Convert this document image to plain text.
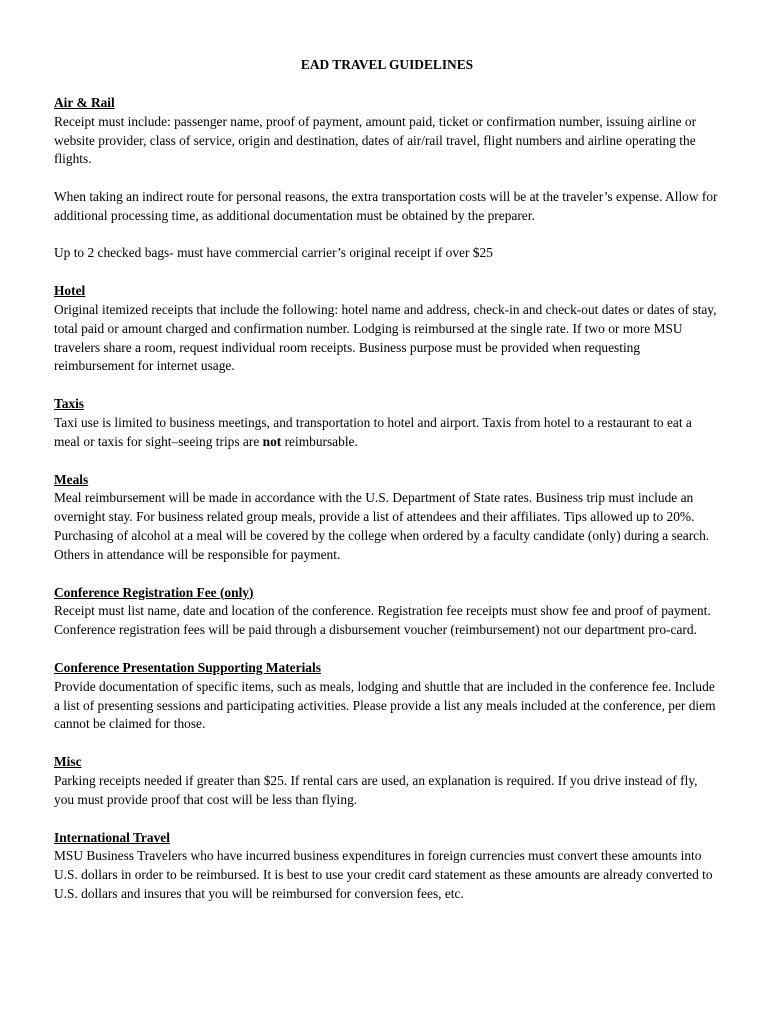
EAD TRAVEL GUIDELINES
Air & Rail

Receipt must include: passenger name, proof of payment, amount paid, ticket or confirmation number, issuing airline or website provider, class of service, origin and destination, dates of air/rail travel, flight numbers and airline operating the flights.

When taking an indirect route for personal reasons, the extra transportation costs will be at the traveler’s expense. Allow for additional processing time, as additional documentation must be obtained by the preparer.

Up to 2 checked bags- must have commercial carrier’s original receipt if over $25

Hotel

Original itemized receipts that include the following: hotel name and address, check-in and check-out dates or dates of stay, total paid or amount charged and confirmation number. Lodging is reimbursed at the single rate. If two or more MSU travelers share a room, request individual room receipts. Business purpose must be provided when requesting reimbursement for internet usage.

Taxis

Taxi use is limited to business meetings, and transportation to hotel and airport. Taxis from hotel to a restaurant to eat a meal or taxis for sight–seeing trips are not reimbursable.

Meals

Meal reimbursement will be made in accordance with the U.S. Department of State rates. Business trip must include an overnight stay. For business related group meals, provide a list of attendees and their affiliates. Tips allowed up to 20%. Purchasing of alcohol at a meal will be covered by the college when ordered by a faculty candidate (only) during a search. Others in attendance will be responsible for payment.

Conference Registration Fee (only)

Receipt must list name, date and location of the conference. Registration fee receipts must show fee and proof of payment. Conference registration fees will be paid through a disbursement voucher (reimbursement) not our department pro-card.

Conference Presentation Supporting Materials

Provide documentation of specific items, such as meals, lodging and shuttle that are included in the conference fee. Include a list of presenting sessions and participating activities. Please provide a list any meals included at the conference, per diem cannot be claimed for those.

Misc

Parking receipts needed if greater than $25. If rental cars are used, an explanation is required. If you drive instead of fly, you must provide proof that cost will be less than flying.

International Travel

MSU Business Travelers who have incurred business expenditures in foreign currencies must convert these amounts into U.S. dollars in order to be reimbursed. It is best to use your credit card statement as these amounts are already converted to U.S. dollars and insures that you will be reimbursed for conversion fees, etc.
